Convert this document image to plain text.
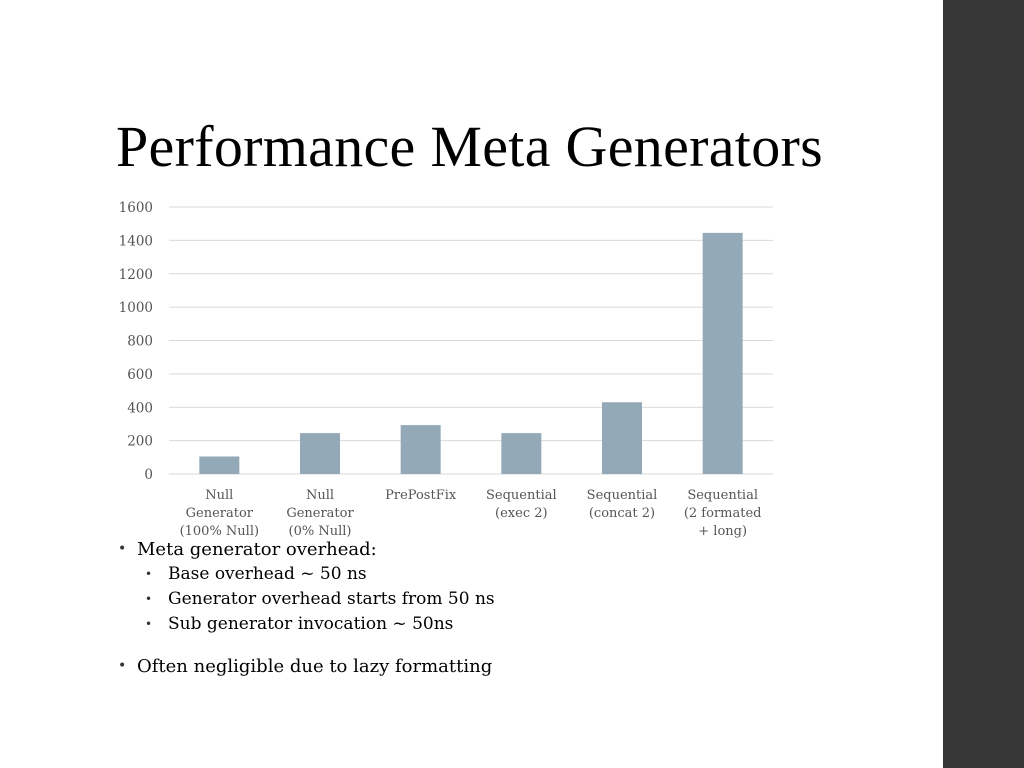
Performance Meta Generators
0
200
400
600
800
1000
1200
1400
1600
Null Generator (100% Null)
Null Generator (0% Null)
PrePostFix Sequential (exec 2)
Sequential (concat 2)
Sequential (2 formated + long)
• Meta generator overhead:
• Base overhead ~ 50 ns
• Generator overhead starts from 50 ns
• Sub generator invocation ~ 50ns
• Often negligible due to lazy formatting
